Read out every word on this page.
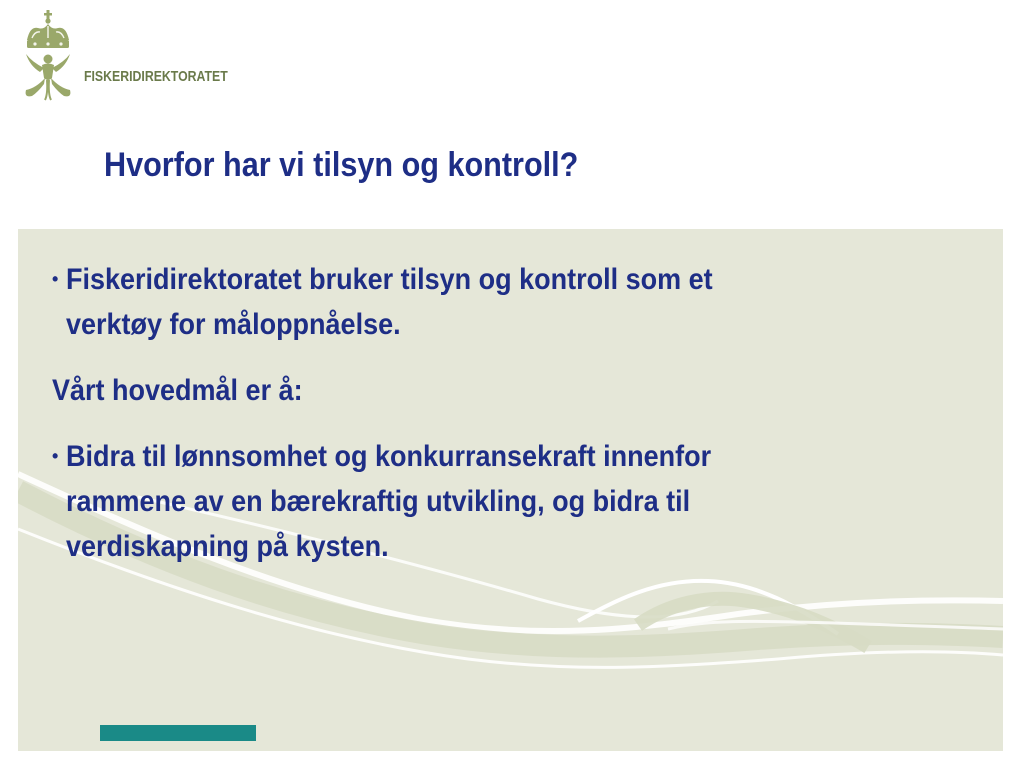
FISKERIDIREKTORATET
Hvorfor har vi tilsyn og kontroll?
• Fiskeridirektoratet bruker tilsyn og kontroll som et
verktøy for måloppnåelse.
Vårt hovedmål er å:
• Bidra til lønnsomhet og konkurransekraft innenfor
rammene av en bærekraftig utvikling, og bidra til
verdiskapning på kysten.
